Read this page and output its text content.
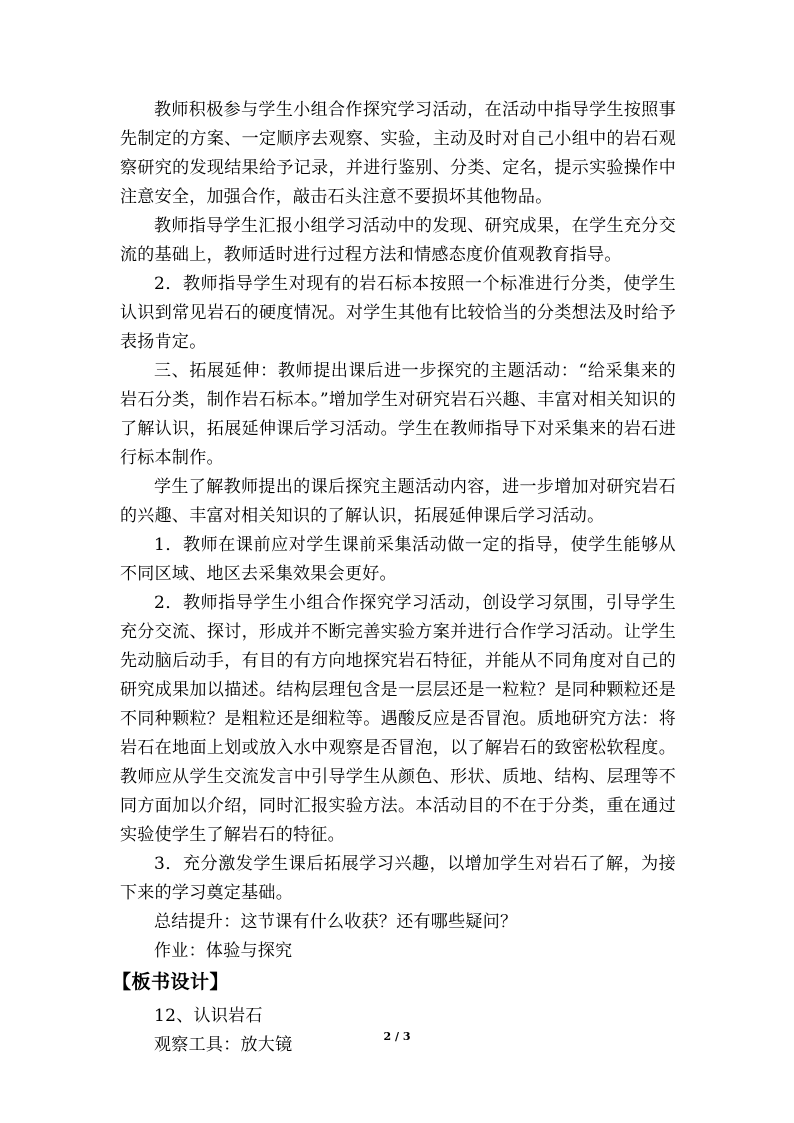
教师积极参与学生小组合作探究学习活动，在活动中指导学生按照事先制定的方案、一定顺序去观察、实验，主动及时对自己小组中的岩石观察研究的发现结果给予记录，并进行鉴别、分类、定名，提示实验操作中注意安全，加强合作，敲击石头注意不要损坏其他物品。

教师指导学生汇报小组学习活动中的发现、研究成果，在学生充分交流的基础上，教师适时进行过程方法和情感态度价值观教育指导。

2．教师指导学生对现有的岩石标本按照一个标准进行分类，使学生认识到常见岩石的硬度情况。对学生其他有比较恰当的分类想法及时给予表扬肯定。

三、拓展延伸：教师提出课后进一步探究的主题活动：“给采集来的岩石分类，制作岩石标本。”增加学生对研究岩石兴趣、丰富对相关知识的了解认识，拓展延伸课后学习活动。学生在教师指导下对采集来的岩石进行标本制作。

学生了解教师提出的课后探究主题活动内容，进一步增加对研究岩石的兴趣、丰富对相关知识的了解认识，拓展延伸课后学习活动。

1．教师在课前应对学生课前采集活动做一定的指导，使学生能够从不同区域、地区去采集效果会更好。

2．教师指导学生小组合作探究学习活动，创设学习氛围，引导学生充分交流、探讨，形成并不断完善实验方案并进行合作学习活动。让学生先动脑后动手，有目的有方向地探究岩石特征，并能从不同角度对自己的研究成果加以描述。结构层理包含是一层层还是一粒粒？是同种颗粒还是不同种颗粒？是粗粒还是细粒等。遇酸反应是否冒泡。质地研究方法：将岩石在地面上划或放入水中观察是否冒泡，以了解岩石的致密松软程度。教师应从学生交流发言中引导学生从颜色、形状、质地、结构、层理等不同方面加以介绍，同时汇报实验方法。本活动目的不在于分类，重在通过实验使学生了解岩石的特征。

3．充分激发学生课后拓展学习兴趣，以增加学生对岩石了解，为接下来的学习奠定基础。

总结提升：这节课有什么收获？还有哪些疑问？

作业：体验与探究

【板书设计】

12、认识岩石

观察工具：放大镜	2 / 3
